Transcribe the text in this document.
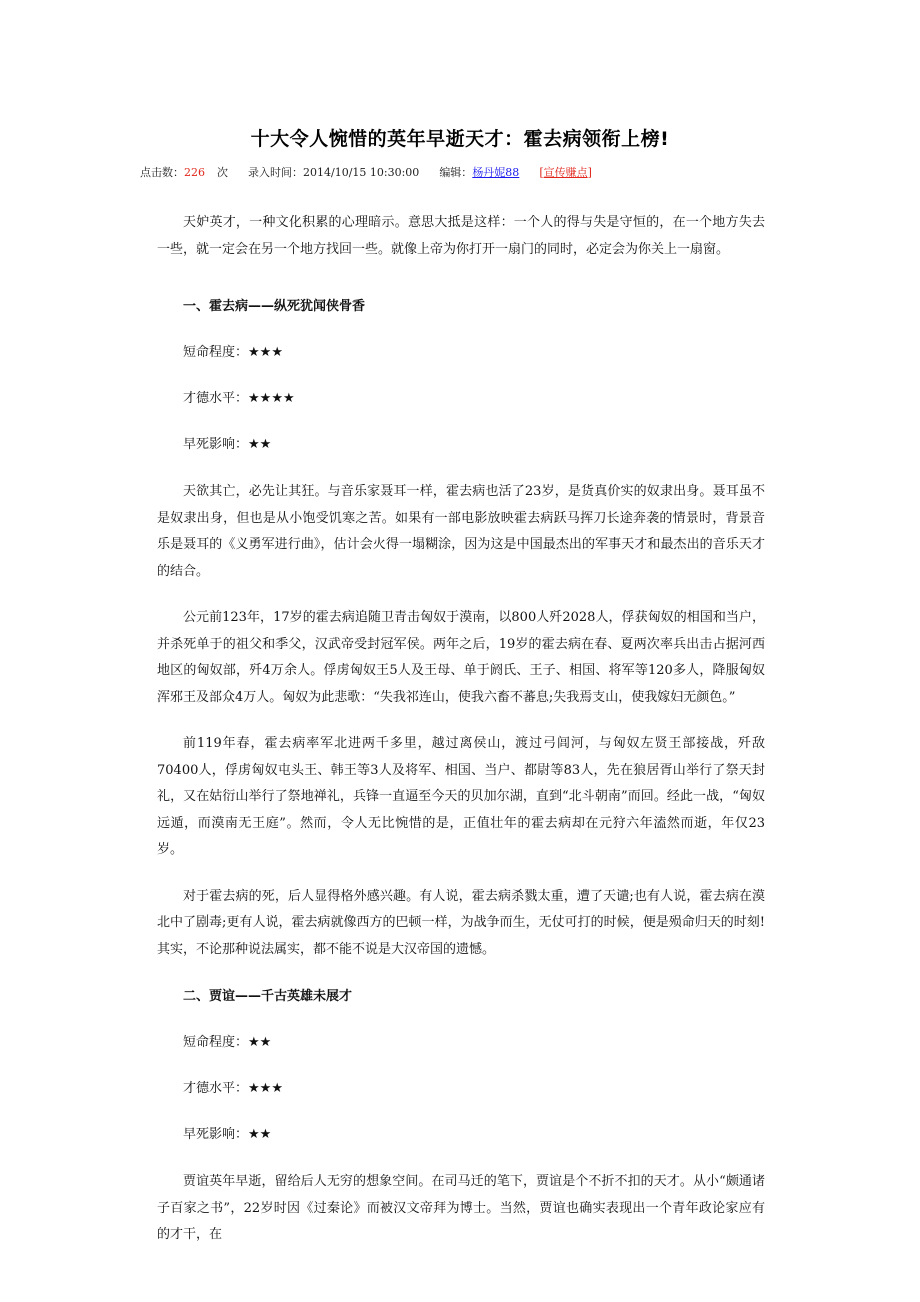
十大令人惋惜的英年早逝天才：霍去病领衔上榜!
点击数：226 次 录入时间：2014/10/15 10:30:00 编辑：杨丹妮88 [宣传赚点]

天妒英才，一种文化积累的心理暗示。意思大抵是这样：一个人的得与失是守恒的，在一个地方失去一些，就一定会在另一个地方找回一些。就像上帝为你打开一扇门的同时，必定会为你关上一扇窗。

一、霍去病——纵死犹闻侠骨香

短命程度：★★★

才德水平：★★★★

早死影响：★★

天欲其亡，必先让其狂。与音乐家聂耳一样，霍去病也活了23岁，是货真价实的奴隶出身。聂耳虽不是奴隶出身，但也是从小饱受饥寒之苦。如果有一部电影放映霍去病跃马挥刀长途奔袭的情景时，背景音乐是聂耳的《义勇军进行曲》，估计会火得一塌糊涂，因为这是中国最杰出的军事天才和最杰出的音乐天才的结合。

公元前123年，17岁的霍去病追随卫青击匈奴于漠南，以800人歼2028人，俘获匈奴的相国和当户，并杀死单于的祖父和季父，汉武帝受封冠军侯。两年之后，19岁的霍去病在春、夏两次率兵出击占据河西地区的匈奴部，歼4万余人。俘虏匈奴王5人及王母、单于阏氏、王子、相国、将军等120多人，降服匈奴浑邪王及部众4万人。匈奴为此悲歌：“失我祁连山，使我六畜不蕃息;失我焉支山，使我嫁妇无颜色。”

前119年春，霍去病率军北进两千多里，越过离侯山，渡过弓闾河，与匈奴左贤王部接战，歼敌70400人，俘虏匈奴屯头王、韩王等3人及将军、相国、当户、都尉等83人，先在狼居胥山举行了祭天封礼，又在姑衍山举行了祭地禅礼，兵锋一直逼至今天的贝加尔湖，直到“北斗朝南”而回。经此一战，“匈奴远遁，而漠南无王庭”。然而，令人无比惋惜的是，正值壮年的霍去病却在元狩六年溘然而逝，年仅23岁。

对于霍去病的死，后人显得格外感兴趣。有人说，霍去病杀戮太重，遭了天谴;也有人说，霍去病在漠北中了剧毒;更有人说，霍去病就像西方的巴顿一样，为战争而生，无仗可打的时候，便是殒命归天的时刻!其实，不论那种说法属实，都不能不说是大汉帝国的遗憾。

二、贾谊——千古英雄未展才

短命程度：★★

才德水平：★★★

早死影响：★★

贾谊英年早逝，留给后人无穷的想象空间。在司马迁的笔下，贾谊是个不折不扣的天才。从小“颇通诸子百家之书”，22岁时因《过秦论》而被汉文帝拜为博士。当然，贾谊也确实表现出一个青年政论家应有的才干，在
